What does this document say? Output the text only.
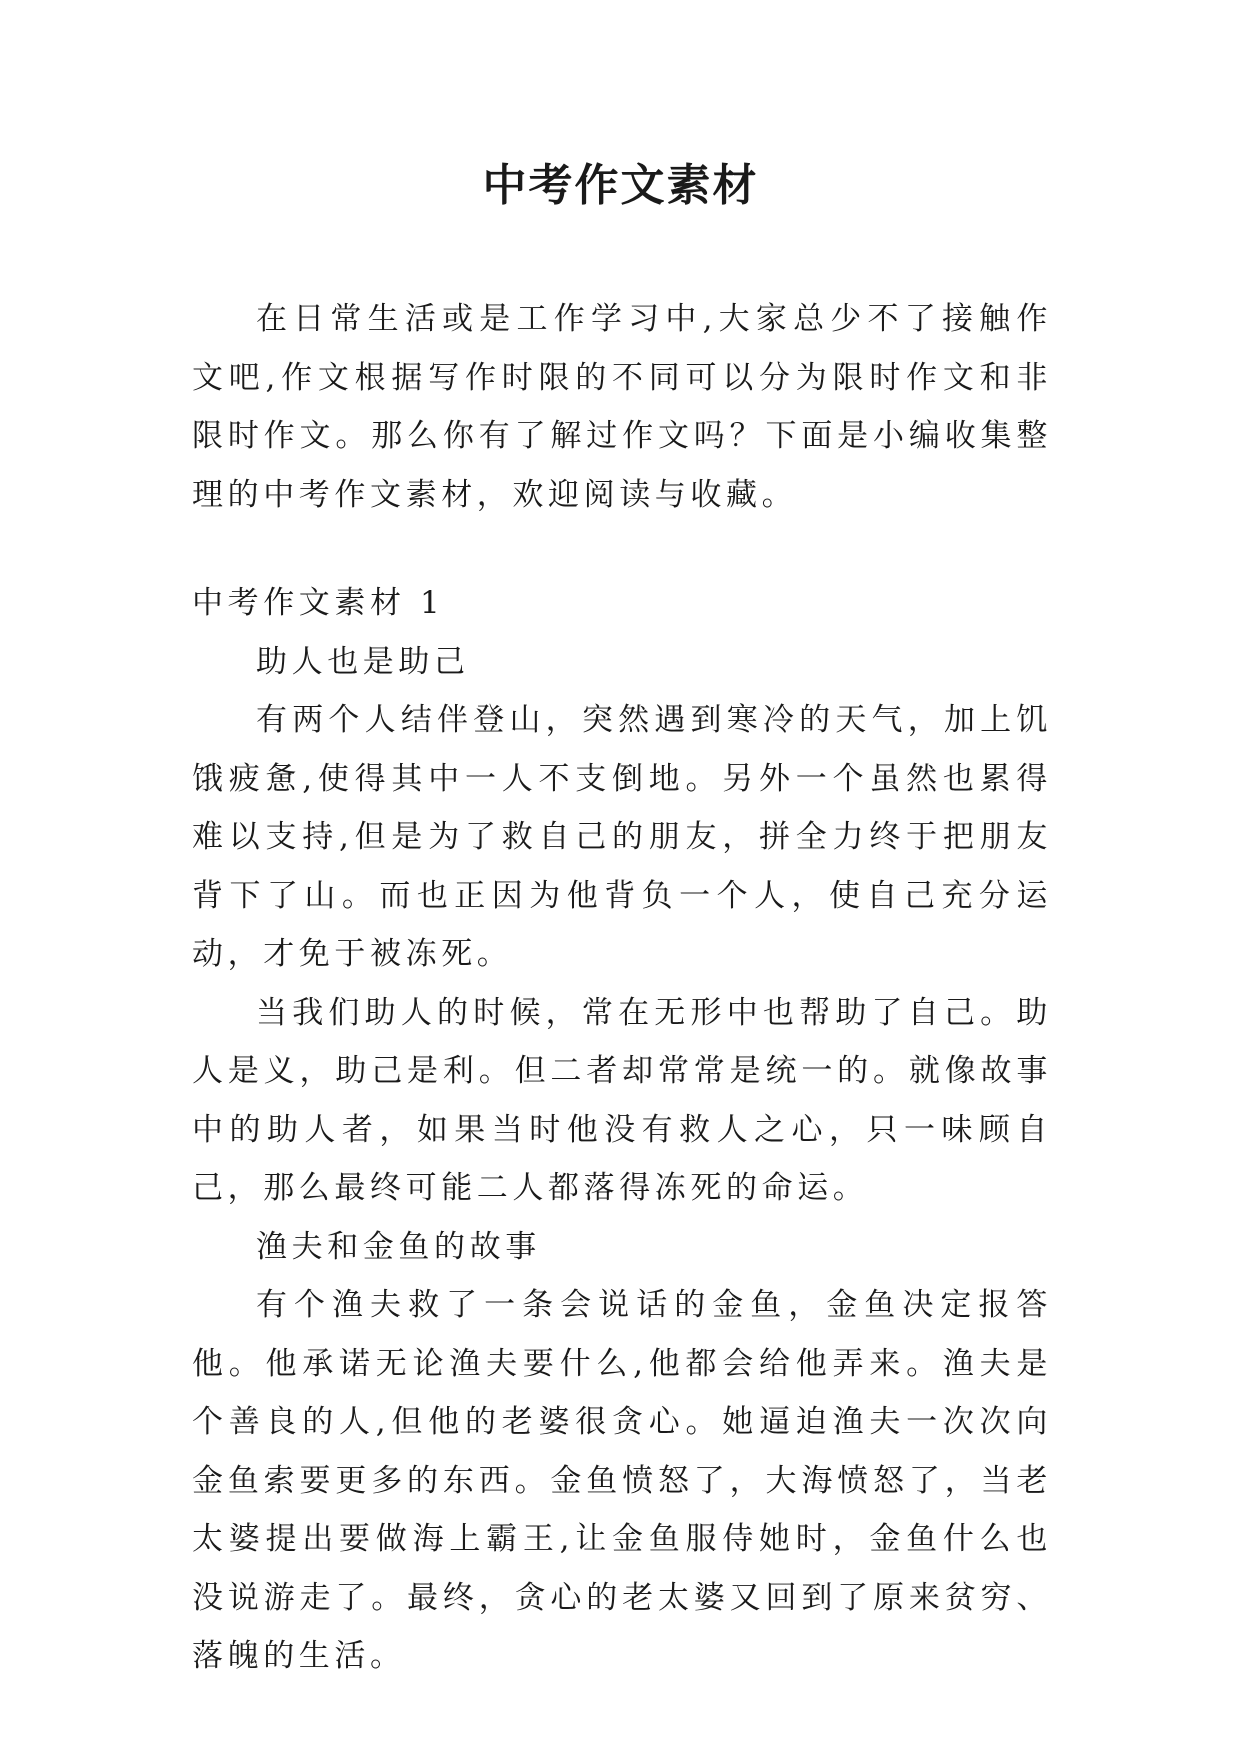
中考作文素材

在日常生活或是工作学习中,大家总少不了接触作文吧,作文根据写作时限的不同可以分为限时作文和非限时作文。那么你有了解过作文吗？下面是小编收集整理的中考作文素材，欢迎阅读与收藏。

中考作文素材 1

助人也是助己

有两个人结伴登山，突然遇到寒冷的天气，加上饥饿疲惫,使得其中一人不支倒地。另外一个虽然也累得难以支持,但是为了救自己的朋友，拼全力终于把朋友背下了山。而也正因为他背负一个人，使自己充分运动，才免于被冻死。

当我们助人的时候，常在无形中也帮助了自己。助人是义，助己是利。但二者却常常是统一的。就像故事中的助人者，如果当时他没有救人之心，只一味顾自己，那么最终可能二人都落得冻死的命运。

渔夫和金鱼的故事

有个渔夫救了一条会说话的金鱼，金鱼决定报答他。他承诺无论渔夫要什么,他都会给他弄来。渔夫是个善良的人,但他的老婆很贪心。她逼迫渔夫一次次向金鱼索要更多的东西。金鱼愤怒了，大海愤怒了，当老太婆提出要做海上霸王,让金鱼服侍她时，金鱼什么也没说游走了。最终，贪心的老太婆又回到了原来贫穷、落魄的生活。
